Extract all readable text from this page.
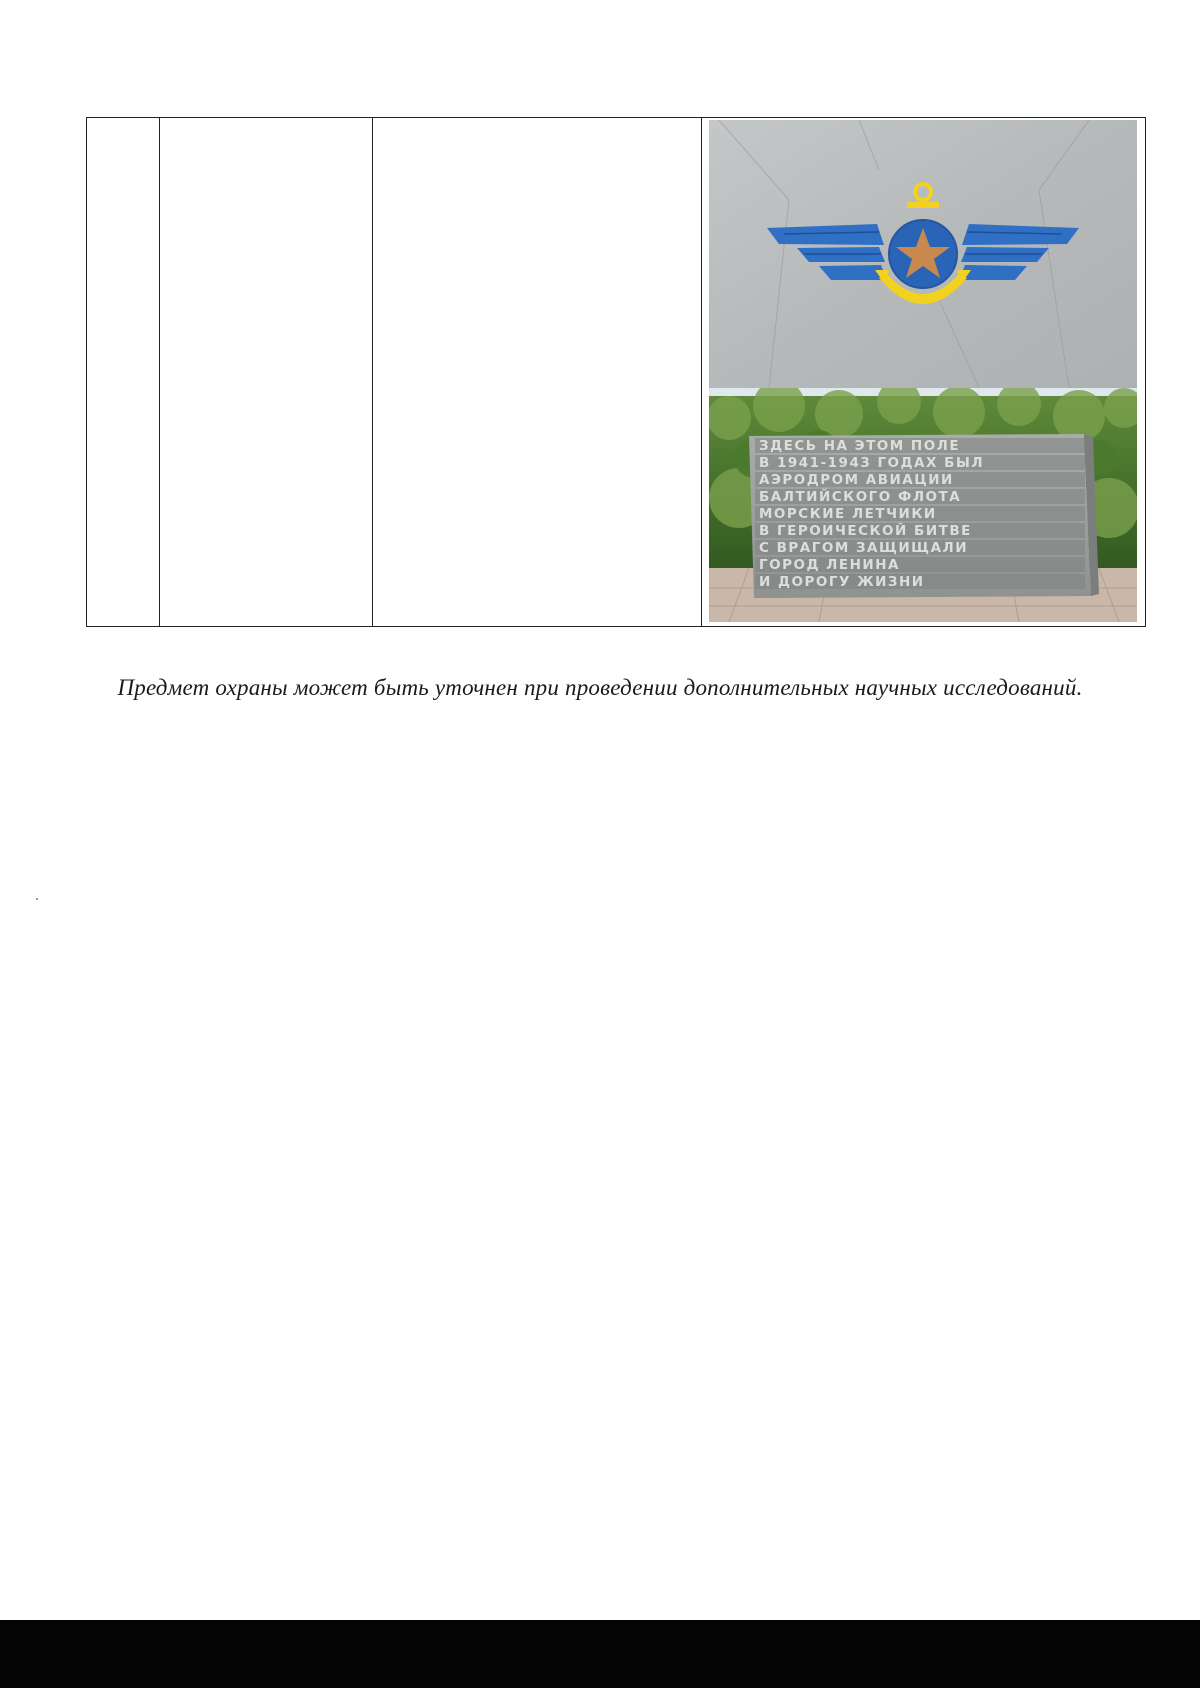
ЗДЕСЬ НА ЭТОМ ПОЛЕ
В 1941-1943 ГОДАХ БЫЛ
АЭРОДРОМ АВИАЦИИ
БАЛТИЙСКОГО ФЛОТА
МОРСКИЕ ЛЕТЧИКИ
В ГЕРОИЧЕСКОЙ БИТВЕ
С ВРАГОМ ЗАЩИЩАЛИ
ГОРОД ЛЕНИНА
И ДОРОГУ ЖИЗНИ

Предмет охраны может быть уточнен при проведении дополнительных научных исследований.
